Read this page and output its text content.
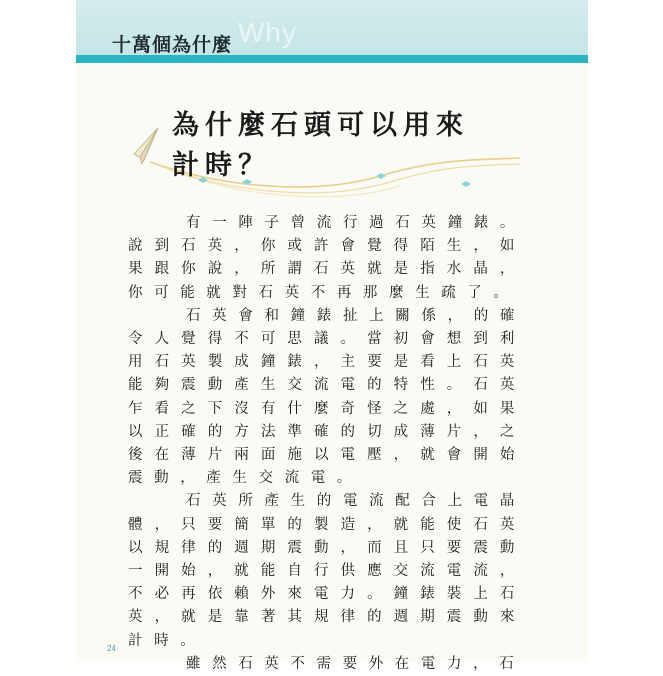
Why
十萬個為什麼
為什麼石頭可以用來
計時？

有一陣子曾流行過石英鐘錶。說到石英，你或許會覺得陌生，如果跟你說，所謂石英就是指水晶，你可能就對石英不再那麼生疏了。

石英會和鐘錶扯上關係，的確令人覺得不可思議。當初會想到利用石英製成鐘錶，主要是看上石英能夠震動產生交流電的特性。石英乍看之下沒有什麼奇怪之處，如果以正確的方法準確的切成薄片，之後在薄片兩面施以電壓，就會開始震動，產生交流電。

石英所產生的電流配合上電晶體，只要簡單的製造，就能使石英以規律的週期震動，而且只要震動一開始，就能自行供應交流電流，不必再依賴外來電力。鐘錶裝上石英，就是靠著其規律的週期震動來計時。

雖然石英不需要外在電力，石

24
